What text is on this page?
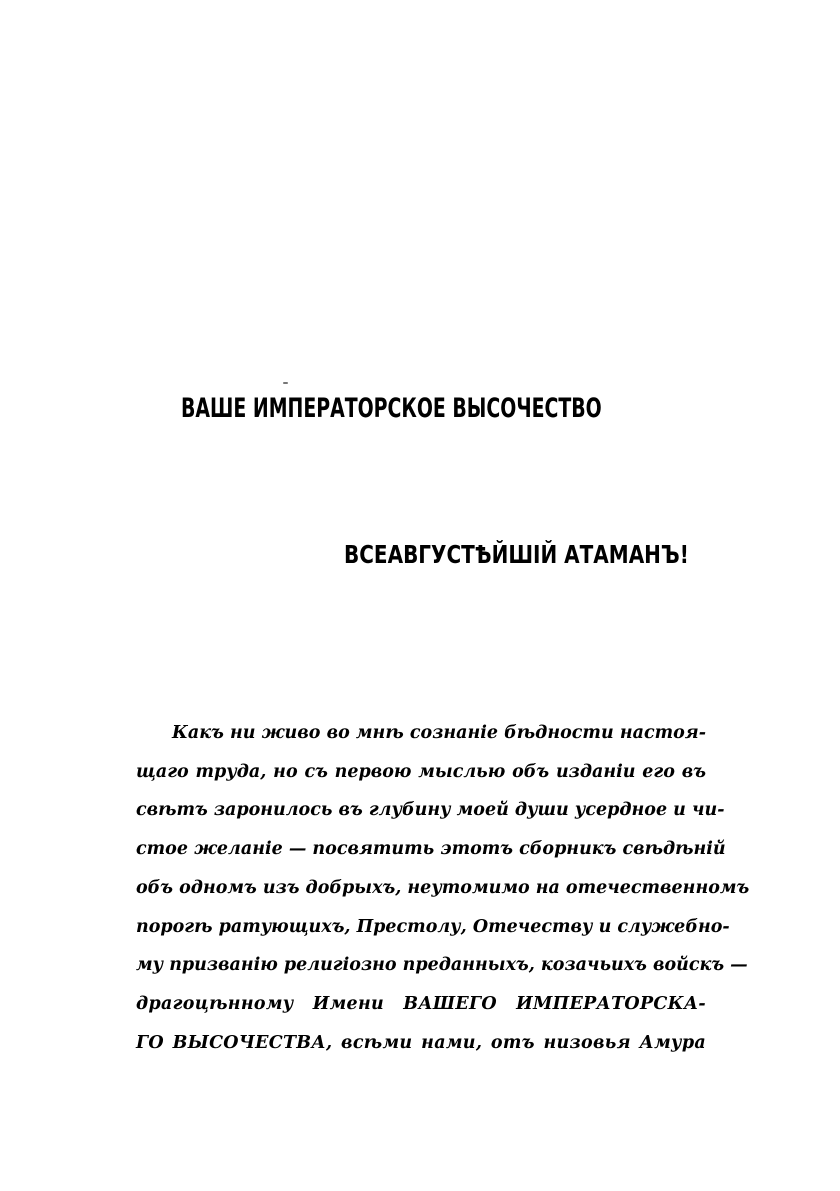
ВАШЕ ИМПЕРАТОРСКОЕ ВЫСОЧЕСТВО
ВСЕАВГУСТѢЙШІЙ АТАМАНЪ!
Какъ ни живо во мнѣ сознаніе бѣдности настоя-
щаго труда, но съ первою мыслью объ изданіи его въ
свѣтъ заронилось въ глубину моей души усердное и чи-
стое желаніе — посвятить этотъ сборникъ свѣдѣній
объ одномъ изъ добрыхъ, неутомимо на отечественномъ
порогѣ ратующихъ, Престолу, Отечеству и служебно-
му призванію религіозно преданныхъ, козачьихъ войскъ —
драгоцѣнному Имени ВАШЕГО ИМПЕРАТОРСКА-
ГО ВЫСОЧЕСТВА, всѣми нами, отъ низовья Амура
